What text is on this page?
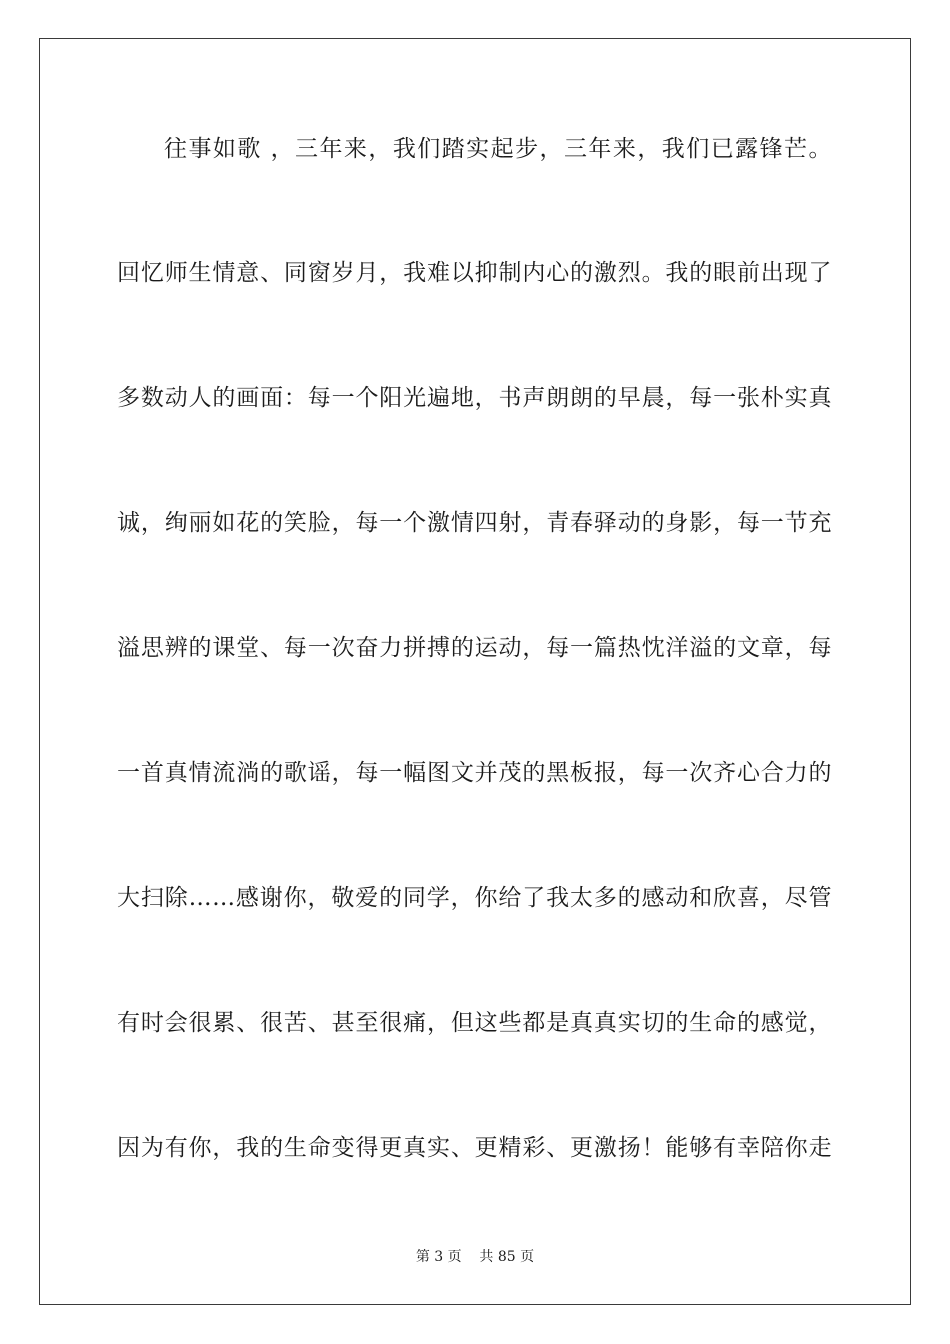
往事如歌 ，三年来，我们踏实起步，三年来，我们已露锋芒。
回忆师生情意、同窗岁月，我难以抑制内心的激烈。我的眼前出现了
多数动人的画面：每一个阳光遍地，书声朗朗的早晨，每一张朴实真
诚，绚丽如花的笑脸，每一个激情四射，青春驿动的身影，每一节充
溢思辨的课堂、每一次奋力拼搏的运动，每一篇热忱洋溢的文章，每
一首真情流淌的歌谣，每一幅图文并茂的黑板报，每一次齐心合力的
大扫除……感谢你，敬爱的同学，你给了我太多的感动和欣喜，尽管
有时会很累、很苦、甚至很痛，但这些都是真真实切的生命的感觉，
因为有你，我的生命变得更真实、更精彩、更激扬！能够有幸陪你走
第 3 页    共 85 页
